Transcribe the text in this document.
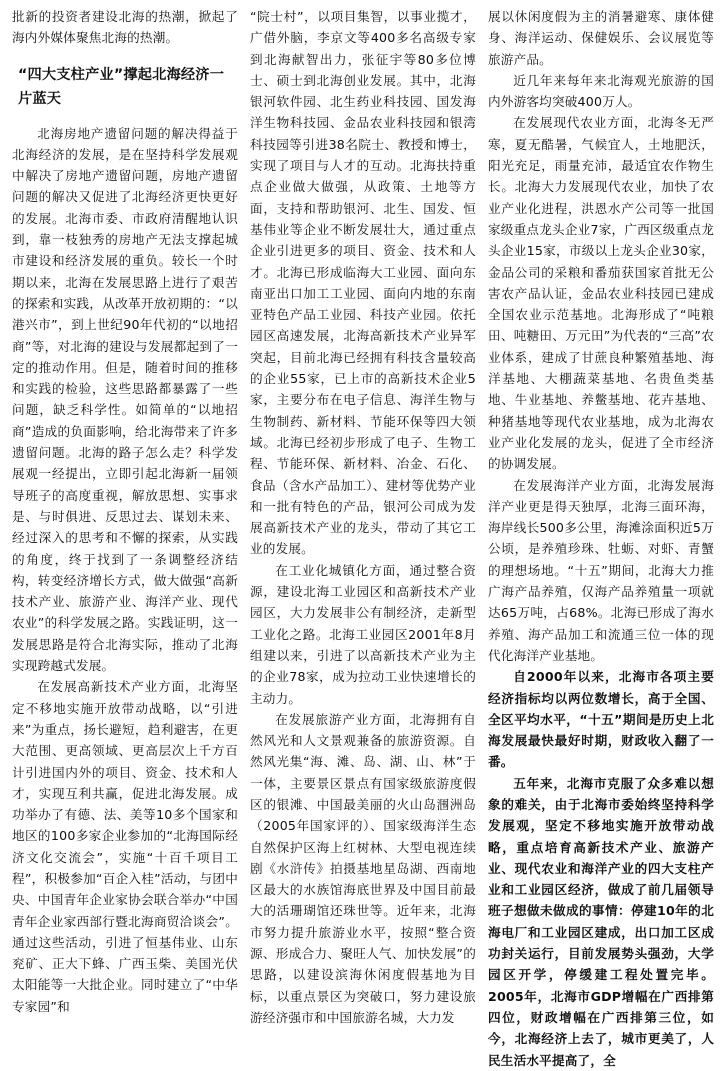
批新的投资者建设北海的热潮，掀起了海内外媒体聚焦北海的热潮。

“四大支柱产业”撑起北海经济一片蓝天

北海房地产遗留问题的解决得益于北海经济的发展，是在坚持科学发展观中解决了房地产遗留问题，房地产遗留问题的解决又促进了北海经济更快更好的发展。北海市委、市政府清醒地认识到，靠一枝独秀的房地产无法支撑起城市建设和经济发展的重负。较长一个时期以来，北海在发展思路上进行了艰苦的探索和实践，从改革开放初期的：“以港兴市”，到上世纪90年代初的“以地招商”等，对北海的建设与发展都起到了一定的推动作用。但是，随着时间的推移和实践的检验，这些思路都暴露了一些问题，缺乏科学性。如简单的“以地招商”造成的负面影响，给北海带来了许多遗留问题。北海的路子怎么走？科学发展观一经提出，立即引起北海新一届领导班子的高度重视，解放思想、实事求是、与时俱进、反思过去、谋划未来、经过深入的思考和不懈的探索，从实践的角度，终于找到了一条调整经济结构，转变经济增长方式，做大做强“高新技术产业、旅游产业、海洋产业、现代农业”的科学发展之路。实践证明，这一发展思路是符合北海实际，推动了北海实现跨越式发展。

在发展高新技术产业方面，北海坚定不移地实施开放带动战略，以“引进来”为重点，扬长避短，趋利避害，在更大范围、更高领域、更高层次上千方百计引进国内外的项目、资金、技术和人才，实现互利共赢，促进北海发展。成功举办了有德、法、美等10多个国家和地区的100多家企业参加的“北海国际经济文化交流会”，实施“十百千项目工程”，积极参加“百企入桂”活动，与团中央、中国青年企业家协会联合举办“中国青年企业家西部行暨北海商贸洽谈会”。通过这些活动，引进了恒基伟业、山东兖矿、正大下蜂、广西玉柴、美国光伏太阳能等一大批企业。同时建立了“中华专家园”和

“院士村”，以项目集智，以事业揽才，广借外脑，李京文等400多名高级专家到北海献智出力，张征宇等80多位博士、硕士到北海创业发展。其中，北海银河软件园、北生药业科技园、国发海洋生物科技园、金品农业科技园和银湾科技园等引进38名院士、教授和博士，实现了项目与人才的互动。北海扶持重点企业做大做强，从政策、土地等方面，支持和帮助银河、北生、国发、恒基伟业等企业不断发展壮大，通过重点企业引进更多的项目、资金、技术和人才。北海已形成临海大工业园、面向东南亚出口加工工业园、面向内地的东南亚特色产品工业园、科技产业园。依托园区高速发展，北海高新技术产业异军突起，目前北海已经拥有科技含量较高的企业55家，已上市的高新技术企业5家，主要分布在电子信息、海洋生物与生物制药、新材料、节能环保等四大领域。北海已经初步形成了电子、生物工程、节能环保、新材料、冶金、石化、食品（含水产品加工）、建材等优势产业和一批有特色的产品，银河公司成为发展高新技术产业的龙头，带动了其它工业的发展。

在工业化城镇化方面，通过整合资源，建设北海工业园区和高新技术产业园区，大力发展非公有制经济，走新型工业化之路。北海工业园区2001年8月组建以来，引进了以高新技术产业为主的企业78家，成为拉动工业快速增长的主动力。

在发展旅游产业方面，北海拥有自然风光和人文景观兼备的旅游资源。自然风光集“海、滩、岛、湖、山、林”于一体，主要景区景点有国家级旅游度假区的银滩、中国最美丽的火山岛涠洲岛（2005年国家评的）、国家级海洋生态自然保护区海上红树林、大型电视连续剧《水浒传》拍摄基地星岛湖、西南地区最大的水族馆海底世界及中国目前最大的活珊瑚馆还珠世等。近年来，北海市努力提升旅游业水平，按照“整合资源、形成合力、聚旺人气、加快发展”的思路，以建设滨海休闲度假基地为目标，以重点景区为突破口，努力建设旅游经济强市和中国旅游名城，大力发

展以休闲度假为主的消暑避寒、康体健身、海洋运动、保健娱乐、会议展览等旅游产品。

近几年来每年来北海观光旅游的国内外游客均突破400万人。

在发展现代农业方面，北海冬无严寒，夏无酷暑，气候宜人，土地肥沃，阳光充足，雨量充沛，最适宜农作物生长。北海大力发展现代农业，加快了农业产业化进程，洪恩水产公司等一批国家级重点龙头企业7家，广西区级重点龙头企业15家，市级以上龙头企业30家，金品公司的采粮和番茄获国家首批无公害农产品认证，金品农业科技园已建成全国农业示范基地。北海形成了“吨粮田、吨糖田、万元田”为代表的“三高”农业体系，建成了甘蔗良种繁殖基地、海洋基地、大棚蔬菜基地、名贵鱼类基地、牛业基地、养鳖基地、花卉基地、种猪基地等现代农业基地，成为北海农业产业化发展的龙头，促进了全市经济的协调发展。

在发展海洋产业方面，北海发展海洋产业更是得天独厚，北海三面环海，海岸线长500多公里，海滩涂面积近5万公顷，是养殖珍珠、牡蛎、对虾、青蟹的理想场地。“十五”期间，北海大力推广海产品养殖，仅海产品养殖量一项就达65万吨，占68%。北海已形成了海水养殖、海产品加工和流通三位一体的现代化海洋产业基地。

自2000年以来，北海市各项主要经济指标均以两位数增长，高于全国、全区平均水平，“十五”期间是历史上北海发展最快最好时期，财政收入翻了一番。

五年来，北海市克服了众多难以想象的难关，由于北海市委始终坚持科学发展观，坚定不移地实施开放带动战略，重点培育高新技术产业、旅游产业、现代农业和海洋产业的四大支柱产业和工业园区经济，做成了前几届领导班子想做未做成的事情：停建10年的北海电厂和工业园区建成，出口加工区成功封关运行，目前发展势头强劲，大学园区开学，停缓建工程处置完毕。2005年，北海市GDP增幅在广西排第四位，财政增幅在广西排第三位，如今，北海经济上去了，城市更美了，人民生活水平提高了，全
